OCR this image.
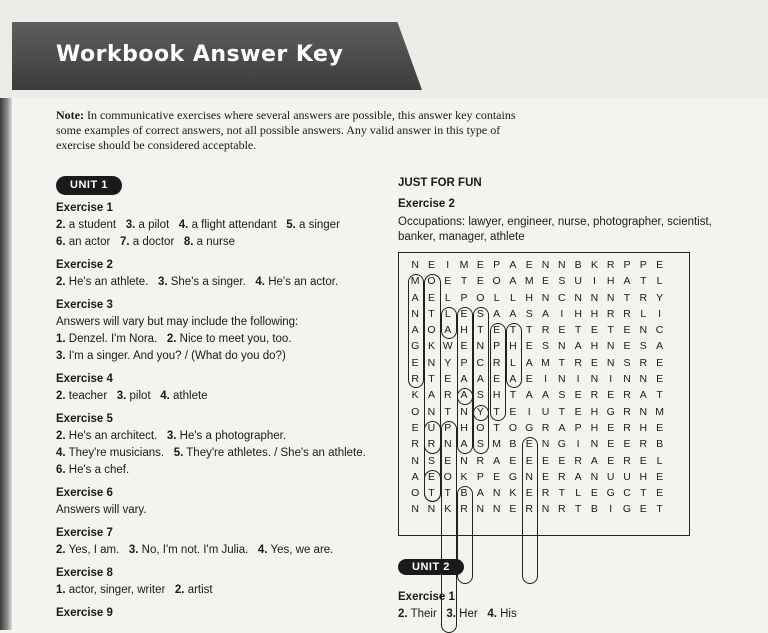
Workbook Answer Key
Note: In communicative exercises where several answers are possible, this answer key contains some examples of correct answers, not all possible answers. Any valid answer in this type of exercise should be considered acceptable.
UNIT 1
Exercise 1
2. a student 3. a pilot 4. a flight attendant 5. a singer
6. an actor 7. a doctor 8. a nurse
Exercise 2
2. He's an athlete. 3. She's a singer. 4. He's an actor.
Exercise 3
Answers will vary but may include the following:
1. Denzel. I'm Nora. 2. Nice to meet you, too.
3. I'm a singer. And you? / (What do you do?)
Exercise 4
2. teacher 3. pilot 4. athlete
Exercise 5
2. He's an architect. 3. He's a photographer.
4. They're musicians. 5. They're athletes. / She's an athlete.
6. He's a chef.
Exercise 6
Answers will vary.
Exercise 7
2. Yes, I am. 3. No, I'm not. I'm Julia. 4. Yes, we are.
Exercise 8
1. actor, singer, writer 2. artist
Exercise 9
JUST FOR FUN
Exercise 2
Occupations: lawyer, engineer, nurse, photographer, scientist, banker, manager, athlete
N E	I M E P A E N N B K R P P E
M O E T E O A M E S U	I	H A T L
A E L P O L L H N C N N N T R Y
N T L E S A A S A	I	H H R R L	I
A O A H T E T T R E T E T E N C
G K W E N P H E S N A H N E S A
E N Y P C R L A M T R E N S R E
R T E A A E A E	I	N	I	N	I	N N E
K A R A S H T A A S E R E R A T
O N T N Y T E	I	U T E H G R N M
E U P H O T O G R A P H E R H E
R R N A S M B E N G	I	N E E R B
N S E N R A E E E E R A E R E L
A E O K P E G N E R A N U U H E
O T T B A N K E R T L E G C T E
N N K R N N E R N R T B	I	G E T
UNIT 2
Exercise 1
2. Their 3. Her 4. His
